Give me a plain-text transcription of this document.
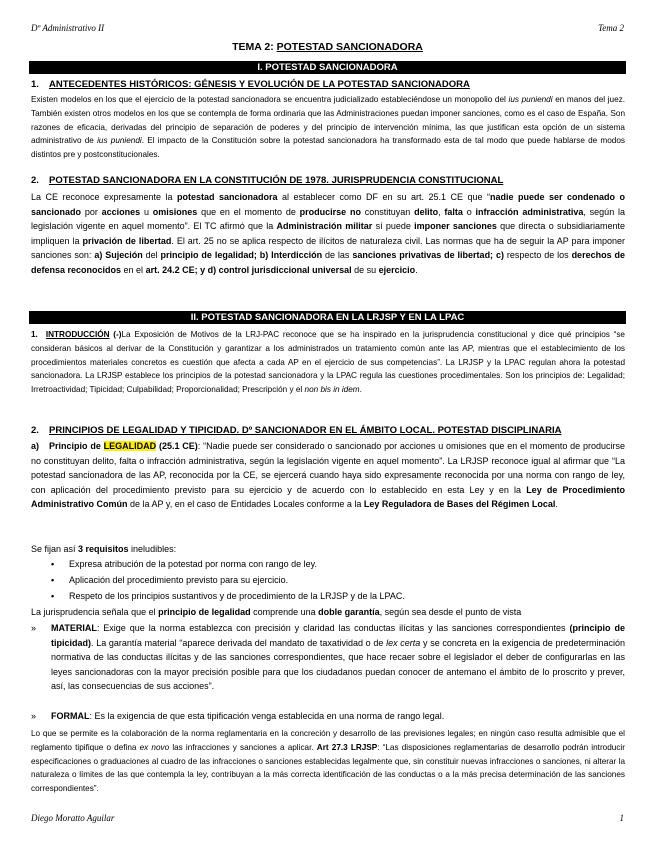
Dº Administrativo II	Tema 2
TEMA 2: POTESTAD SANCIONADORA
I. POTESTAD SANCIONADORA
1. ANTECEDENTES HISTÓRICOS: GÉNESIS Y EVOLUCIÓN DE LA POTESTAD SANCIONADORA
Existen modelos en los que el ejercicio de la potestad sancionadora se encuentra judicializado estableciéndose un monopolio del ius puniendi en manos del juez. También existen otros modelos en los que se contempla de forma ordinaria que las Administraciones puedan imponer sanciones, como es el caso de España. Son razones de eficacia, derivadas del principio de separación de poderes y del principio de intervención mínima, las que justifican esta opción de un sistema administrativo de ius puniendi. El impacto de la Constitución sobre la potestad sancionadora ha transformado esta de tal modo que puede hablarse de modos distintos pre y postconstitucionales.
2. POTESTAD SANCIONADORA EN LA CONSTITUCIÓN DE 1978. JURISPRUDENCIA CONSTITUCIONAL
La CE reconoce expresamente la potestad sancionadora al establecer como DF en su art. 25.1 CE que “nadie puede ser condenado o sancionado por acciones u omisiones que en el momento de producirse no constituyan delito, falta o infracción administrativa, según la legislación vigente en aquel momento”. El TC afirmó que la Administración militar sí puede imponer sanciones que directa o subsidiariamente impliquen la privación de libertad. El art. 25 no se aplica respecto de ilícitos de naturaleza civil. Las normas que ha de seguir la AP para imponer sanciones son: a) Sujeción del principio de legalidad; b) Interdicción de las sanciones privativas de libertad; c) respecto de los derechos de defensa reconocidos en el art. 24.2 CE; y d) control jurisdiccional universal de su ejercicio.
II. POTESTAD SANCIONADORA EN LA LRJSP Y EN LA LPAC
1. INTRODUCCIÓN (-)La Exposición de Motivos de la LRJ-PAC reconoce que se ha inspirado en la jurisprudencia constitucional y dice qué principios “se consideran básicos al derivar de la Constitución y garantizar a los administrados un tratamiento común ante las AP, mientras que el establecimiento de los procedimientos materiales concretos es cuestión que afecta a cada AP en el ejercicio de sus competencias”. La LRJSP y la LPAC regulan ahora la potestad sancionadora. La LRJSP establece los principios de la potestad sancionadora y la LPAC regula las cuestiones procedimentales. Son los principios de: Legalidad; Irretroactividad; Tipicidad; Culpabilidad; Proporcionalidad; Prescripción y el non bis in idem.
2. PRINCIPIOS DE LEGALIDAD Y TIPICIDAD. Dº SANCIONADOR EN EL ÁMBITO LOCAL. POTESTAD DISCIPLINARIA
a) Principio de LEGALIDAD (25.1 CE): “Nadie puede ser considerado o sancionado por acciones u omisiones que en el momento de producirse no constituyan delito, falta o infracción administrativa, según la legislación vigente en aquel momento”. La LRJSP reconoce igual al afirmar que “La potestad sancionadora de las AP, reconocida por la CE, se ejercerá cuando haya sido expresamente reconocida por una norma con rango de ley, con aplicación del procedimiento previsto para su ejercicio y de acuerdo con lo establecido en esta Ley y en la Ley de Procedimiento Administrativo Común de la AP y, en el caso de Entidades Locales conforme a la Ley Reguladora de Bases del Régimen Local.
Se fijan así 3 requisitos ineludibles:
• Expresa atribución de la potestad por norma con rango de ley.
• Aplicación del procedimiento previsto para su ejercicio.
• Respeto de los principios sustantivos y de procedimiento de la LRJSP y de la LPAC.
La jurisprudencia señala que el principio de legalidad comprende una doble garantía, según sea desde el punto de vista
» MATERIAL: Exige que la norma establezca con precisión y claridad las conductas ilícitas y las sanciones correspondientes (principio de tipicidad). La garantía material “aparece derivada del mandato de taxatividad o de lex certa y se concreta en la exigencia de predeterminación normativa de las conductas ilícitas y de las sanciones correspondientes, que hace recaer sobre el legislador el deber de configurarlas en las leyes sancionadoras con la mayor precisión posible para que los ciudadanos puedan conocer de antemano el ámbito de lo proscrito y prever, así, las consecuencias de sus acciones”.
» FORMAL: Es la exigencia de que esta tipificación venga establecida en una norma de rango legal.
Lo que se permite es la colaboración de la norma reglamentaria en la concreción y desarrollo de las previsiones legales; en ningún caso resulta admisible que el reglamento tipifique o defina ex novo las infracciones y sanciones a aplicar. Art 27.3 LRJSP: “Las disposiciones reglamentarias de desarrollo podrán introducir especificaciones o graduaciones al cuadro de las infracciones o sanciones establecidas legalmente que, sin constituir nuevas infracciones o sanciones, ni alterar la naturaleza o límites de las que contempla la ley, contribuyan a la más correcta identificación de las conductas o a la más precisa determinación de las sanciones correspondientes”.
Diego Moratto Aguilar	1
